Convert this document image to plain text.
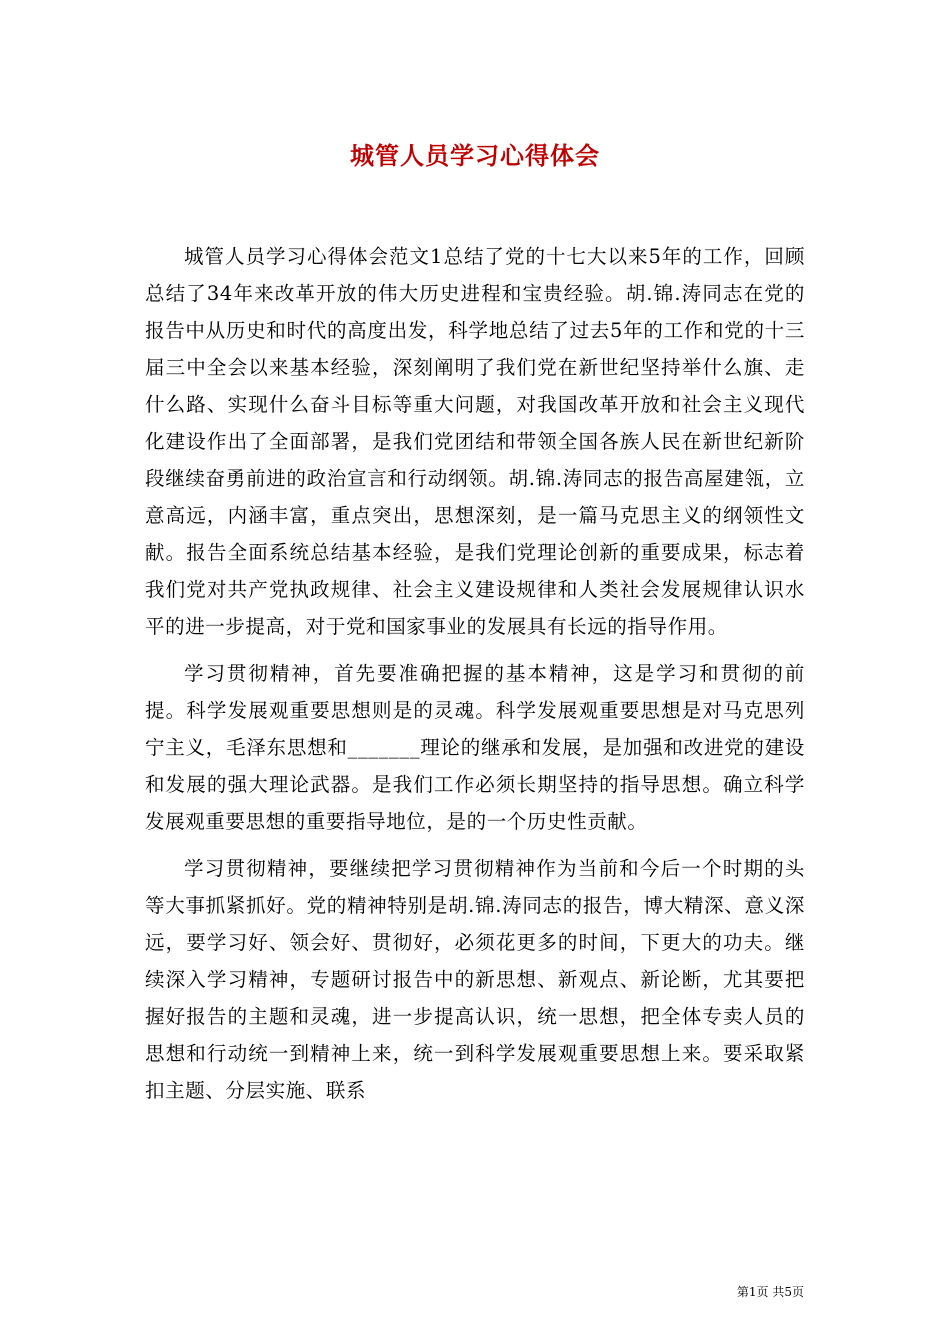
城管人员学习心得体会

城管人员学习心得体会范文1总结了党的十七大以来5年的工作，回顾总结了34年来改革开放的伟大历史进程和宝贵经验。胡.锦.涛同志在党的报告中从历史和时代的高度出发，科学地总结了过去5年的工作和党的十三届三中全会以来基本经验，深刻阐明了我们党在新世纪坚持举什么旗、走什么路、实现什么奋斗目标等重大问题，对我国改革开放和社会主义现代化建设作出了全面部署，是我们党团结和带领全国各族人民在新世纪新阶段继续奋勇前进的政治宣言和行动纲领。胡.锦.涛同志的报告高屋建瓴，立意高远，内涵丰富，重点突出，思想深刻，是一篇马克思主义的纲领性文献。报告全面系统总结基本经验，是我们党理论创新的重要成果，标志着我们党对共产党执政规律、社会主义建设规律和人类社会发展规律认识水平的进一步提高，对于党和国家事业的发展具有长远的指导作用。

学习贯彻精神，首先要准确把握的基本精神，这是学习和贯彻的前提。科学发展观重要思想则是的灵魂。科学发展观重要思想是对马克思列宁主义，毛泽东思想和_______理论的继承和发展，是加强和改进党的建设和发展的强大理论武器。是我们工作必须长期坚持的指导思想。确立科学发展观重要思想的重要指导地位，是的一个历史性贡献。

学习贯彻精神，要继续把学习贯彻精神作为当前和今后一个时期的头等大事抓紧抓好。党的精神特别是胡.锦.涛同志的报告，博大精深、意义深远，要学习好、领会好、贯彻好，必须花更多的时间，下更大的功夫。继续深入学习精神，专题研讨报告中的新思想、新观点、新论断，尤其要把握好报告的主题和灵魂，进一步提高认识，统一思想，把全体专卖人员的思想和行动统一到精神上来，统一到科学发展观重要思想上来。要采取紧扣主题、分层实施、联系

第1页 共5页
